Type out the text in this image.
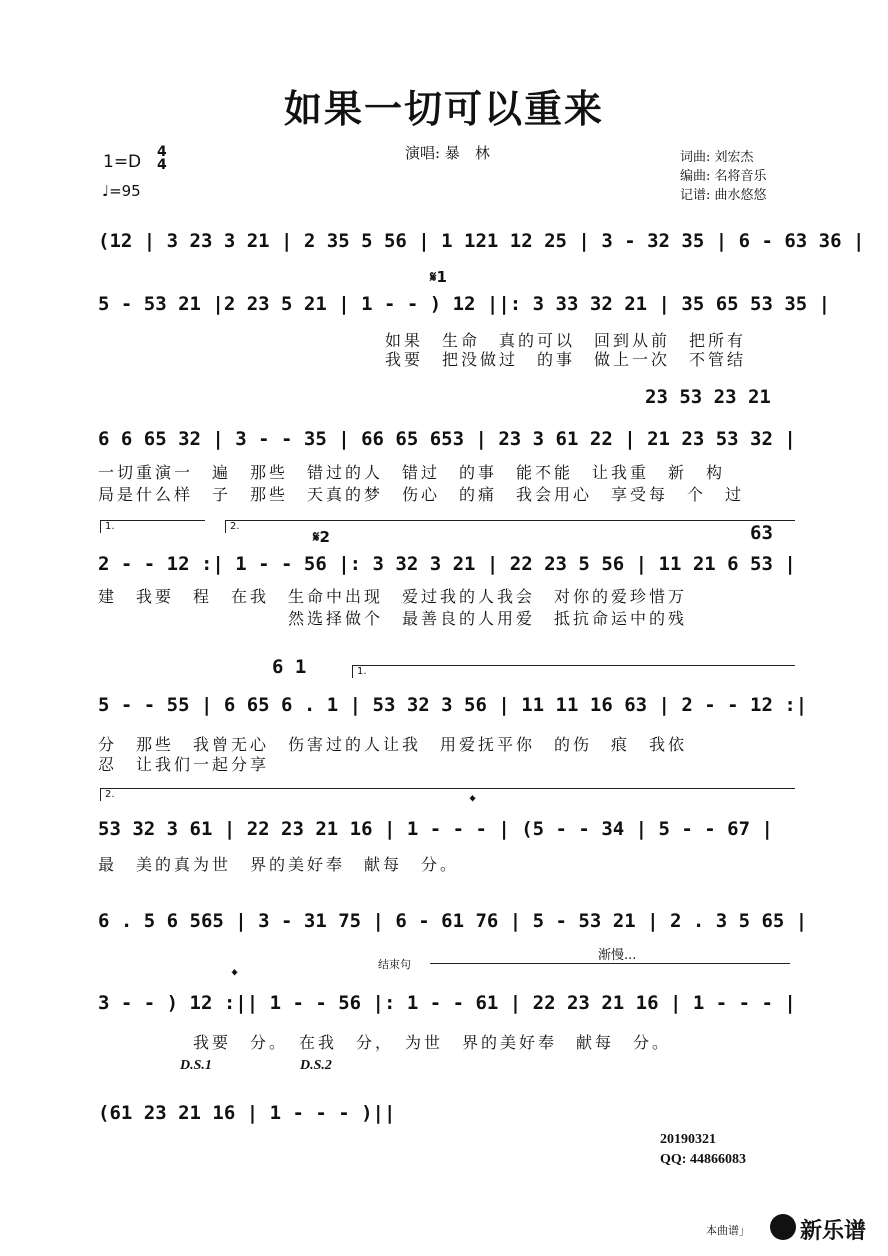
如果一切可以重来
演唱: 暴　林	词曲: 刘宏杰
编曲: 名将音乐
记谱: 曲水悠悠
1=D 4
4
♩=95
(12 | 3 23 3 21 | 2 35 5 56 | 1 121 12 25 | 3 - 32 35 | 6 - 63 36 |
𝄋1
5 - 53 21 |2 23 5 21 | 1 - - ) 12 ||: 3 33 32 21 | 35 65 53 35 |
如果　生命　真的可以　回到从前　把所有
我要　把没做过　的事　做上一次　不管结
23 53 23 21
6 6 65 32 | 3 - - 35 | 66 65 653 | 23 3 61 22 | 21 23 53 32 |
一切重演一　遍　那些　错过的人　错过　的事　能不能　让我重　新　构
局是什么样　子　那些　天真的梦　伤心　的痛　我会用心　享受每　个　过
1.	2.
𝄋2	63
2 - - 12 :| 1 - - 56 |: 3 32 3 21 | 22 23 5 56 | 11 21 6 53 |
建　我要　程　在我　生命中出现　爱过我的人我会　对你的爱珍惜万
　　　　　　　　　　然选择做个　最善良的人用爱　抵抗命运中的残
6 1	1.
5 - - 55 | 6 65 6 . 1 | 53 32 3 56 | 11 11 16 63 | 2 - - 12 :|
分　那些　我曾无心　伤害过的人让我　用爱抚平你　的伤　痕　我依
忍　让我们一起分享
2.	𝄌
53 32 3 61 | 22 23 21 16 | 1 - - - | (5 - - 34 | 5 - - 67 |
最　美的真为世　界的美好奉　献每　分。
6 . 5 6 565 | 3 - 31 75 | 6 - 61 76 | 5 - 53 21 | 2 . 3 5 65 |
结束句
渐慢...
𝄌
3 - - ) 12 :|| 1 - - 56 |: 1 - - 61 | 22 23 21 16 | 1 - - - |
　　　　　我要　分。　在我　分，　为世　界的美好奉　献每　分。
D.S.1	D.S.2
(61 23 21 16 | 1 - - - )||
20190321
QQ: 44866083
本曲谱」 新乐谱
